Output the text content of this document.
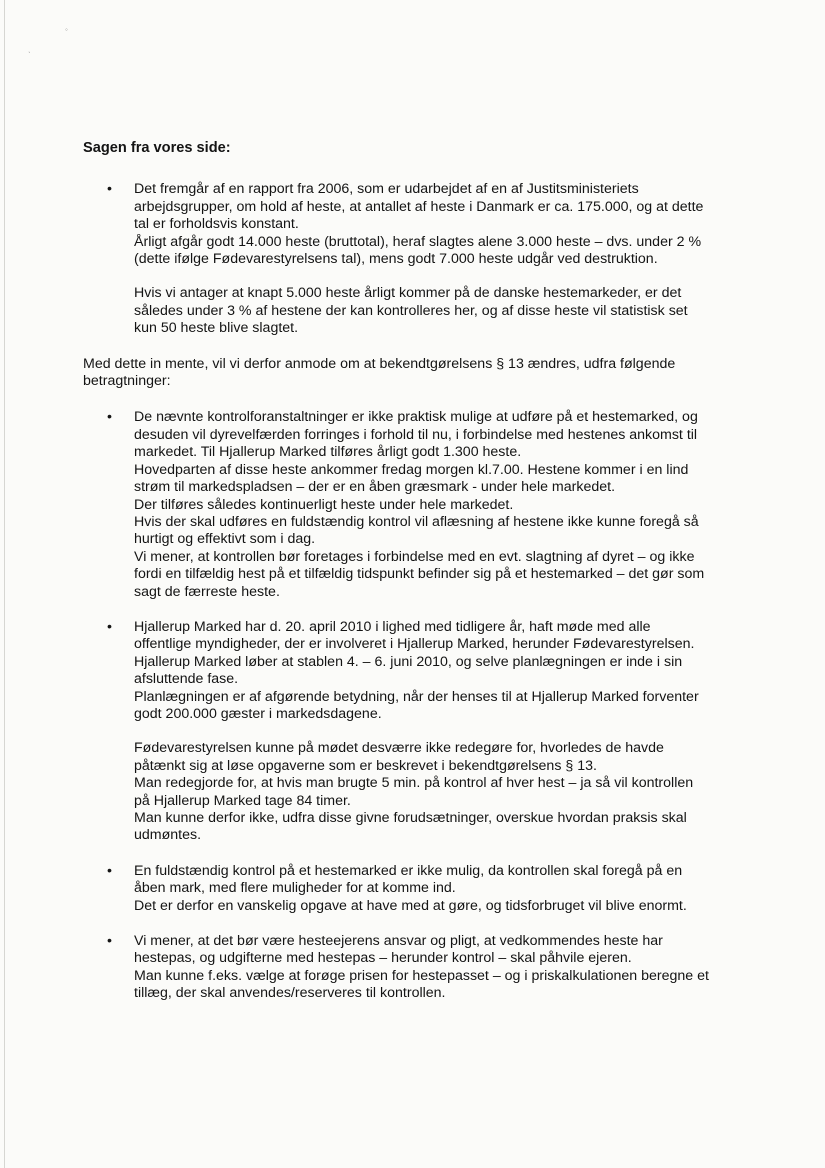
◦
ˋ
Sagen fra vores side:
• Det fremgår af en rapport fra 2006, som er udarbejdet af en af Justitsministeriets
arbejdsgrupper, om hold af heste, at antallet af heste i Danmark er ca. 175.000, og at dette
tal er forholdsvis konstant.
Årligt afgår godt 14.000 heste (bruttotal), heraf slagtes alene 3.000 heste – dvs. under 2 %
(dette ifølge Fødevarestyrelsens tal), mens godt 7.000 heste udgår ved destruktion.
Hvis vi antager at knapt 5.000 heste årligt kommer på de danske hestemarkeder, er det
således under 3 % af hestene der kan kontrolleres her, og af disse heste vil statistisk set
kun 50 heste blive slagtet.
Med dette in mente, vil vi derfor anmode om at bekendtgørelsens § 13 ændres, udfra følgende
betragtninger:
• De nævnte kontrolforanstaltninger er ikke praktisk mulige at udføre på et hestemarked, og
desuden vil dyrevelfærden forringes i forhold til nu, i forbindelse med hestenes ankomst til
markedet. Til Hjallerup Marked tilføres årligt godt 1.300 heste.
Hovedparten af disse heste ankommer fredag morgen kl.7.00. Hestene kommer i en lind
strøm til markedspladsen – der er en åben græsmark - under hele markedet.
Der tilføres således kontinuerligt heste under hele markedet.
Hvis der skal udføres en fuldstændig kontrol vil aflæsning af hestene ikke kunne foregå så
hurtigt og effektivt som i dag.
Vi mener, at kontrollen bør foretages i forbindelse med en evt. slagtning af dyret – og ikke
fordi en tilfældig hest på et tilfældig tidspunkt befinder sig på et hestemarked – det gør som
sagt de færreste heste.
• Hjallerup Marked har d. 20. april 2010 i lighed med tidligere år, haft møde med alle
offentlige myndigheder, der er involveret i Hjallerup Marked, herunder Fødevarestyrelsen.
Hjallerup Marked løber at stablen 4. – 6. juni 2010, og selve planlægningen er inde i sin
afsluttende fase.
Planlægningen er af afgørende betydning, når der henses til at Hjallerup Marked forventer
godt 200.000 gæster i markedsdagene.
Fødevarestyrelsen kunne på mødet desværre ikke redegøre for, hvorledes de havde
påtænkt sig at løse opgaverne som er beskrevet i bekendtgørelsens § 13.
Man redegjorde for, at hvis man brugte 5 min. på kontrol af hver hest – ja så vil kontrollen
på Hjallerup Marked tage 84 timer.
Man kunne derfor ikke, udfra disse givne forudsætninger, overskue hvordan praksis skal
udmøntes.
• En fuldstændig kontrol på et hestemarked er ikke mulig, da kontrollen skal foregå på en
åben mark, med flere muligheder for at komme ind.
Det er derfor en vanskelig opgave at have med at gøre, og tidsforbruget vil blive enormt.
• Vi mener, at det bør være hesteejerens ansvar og pligt, at vedkommendes heste har
hestepas, og udgifterne med hestepas – herunder kontrol – skal påhvile ejeren.
Man kunne f.eks. vælge at forøge prisen for hestepasset – og i priskalkulationen beregne et
tillæg, der skal anvendes/reserveres til kontrollen.
